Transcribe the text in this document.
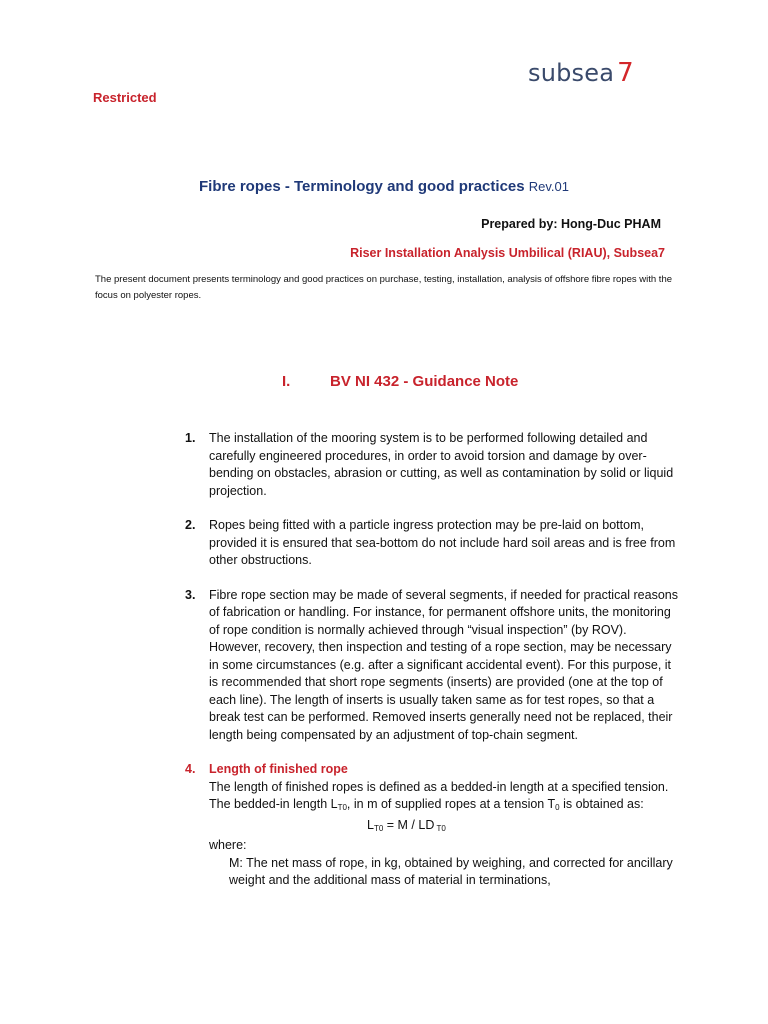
subsea 7
Restricted
Fibre ropes - Terminology and good practices Rev.01
Prepared by: Hong-Duc PHAM
Riser Installation Analysis Umbilical (RIAU), Subsea7
The present document presents terminology and good practices on purchase, testing, installation, analysis of offshore fibre ropes with the focus on polyester ropes.
I.	BV NI 432 - Guidance Note
1. The installation of the mooring system is to be performed following detailed and carefully engineered procedures, in order to avoid torsion and damage by over-bending on obstacles, abrasion or cutting, as well as contamination by solid or liquid projection.
2. Ropes being fitted with a particle ingress protection may be pre-laid on bottom, provided it is ensured that sea-bottom do not include hard soil areas and is free from other obstructions.
3. Fibre rope section may be made of several segments, if needed for practical reasons of fabrication or handling. For instance, for permanent offshore units, the monitoring of rope condition is normally achieved through “visual inspection” (by ROV). However, recovery, then inspection and testing of a rope section, may be necessary in some circumstances (e.g. after a significant accidental event). For this purpose, it is recommended that short rope segments (inserts) are provided (one at the top of each line). The length of inserts is usually taken same as for test ropes, so that a break test can be performed. Removed inserts generally need not be replaced, their length being compensated by an adjustment of top-chain segment.
4. Length of finished rope
The length of finished ropes is defined as a bedded-in length at a specified tension.
The bedded-in length $L_{T0}$, in m of supplied ropes at a tension $T_0$ is obtained as:
$L_{T0} = M$ / LD $_{T0}$
where:
M: The net mass of rope, in kg, obtained by weighing, and corrected for ancillary weight and the additional mass of material in terminations,
